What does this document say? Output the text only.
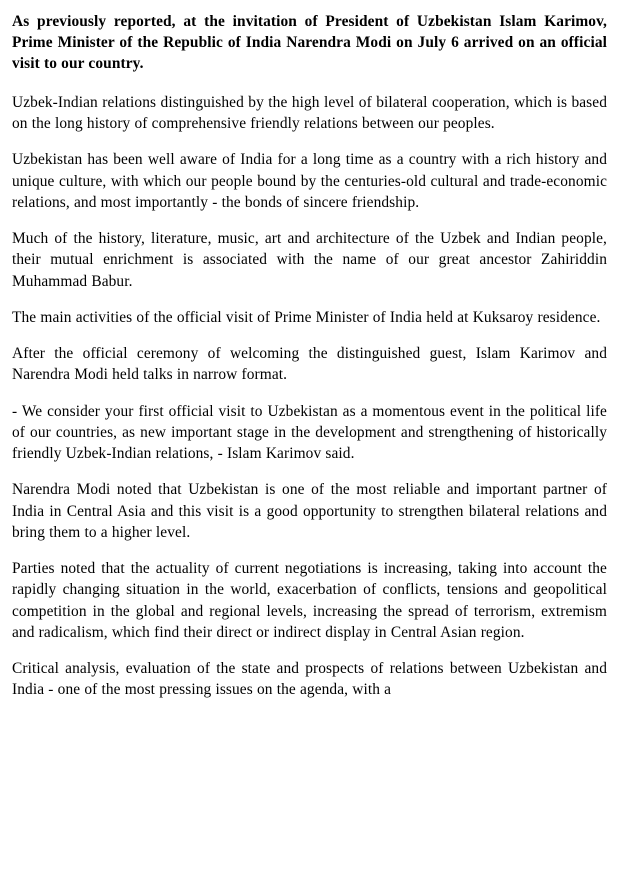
As previously reported, at the invitation of President of Uzbekistan Islam Karimov, Prime Minister of the Republic of India Narendra Modi on July 6 arrived on an official visit to our country.

Uzbek-Indian relations distinguished by the high level of bilateral cooperation, which is based on the long history of comprehensive friendly relations between our peoples.

Uzbekistan has been well aware of India for a long time as a country with a rich history and unique culture, with which our people bound by the centuries-old cultural and trade-economic relations, and most importantly - the bonds of sincere friendship.

Much of the history, literature, music, art and architecture of the Uzbek and Indian people, their mutual enrichment is associated with the name of our great ancestor Zahiriddin Muhammad Babur.

The main activities of the official visit of Prime Minister of India held at Kuksaroy residence.

After the official ceremony of welcoming the distinguished guest, Islam Karimov and Narendra Modi held talks in narrow format.

- We consider your first official visit to Uzbekistan as a momentous event in the political life of our countries, as new important stage in the development and strengthening of historically friendly Uzbek-Indian relations, - Islam Karimov said.

Narendra Modi noted that Uzbekistan is one of the most reliable and important partner of India in Central Asia and this visit is a good opportunity to strengthen bilateral relations and bring them to a higher level.

Parties noted that the actuality of current negotiations is increasing, taking into account the rapidly changing situation in the world, exacerbation of conflicts, tensions and geopolitical competition in the global and regional levels, increasing the spread of terrorism, extremism and radicalism, which find their direct or indirect display in Central Asian region.

Critical analysis, evaluation of the state and prospects of relations between Uzbekistan and India - one of the most pressing issues on the agenda, with a
